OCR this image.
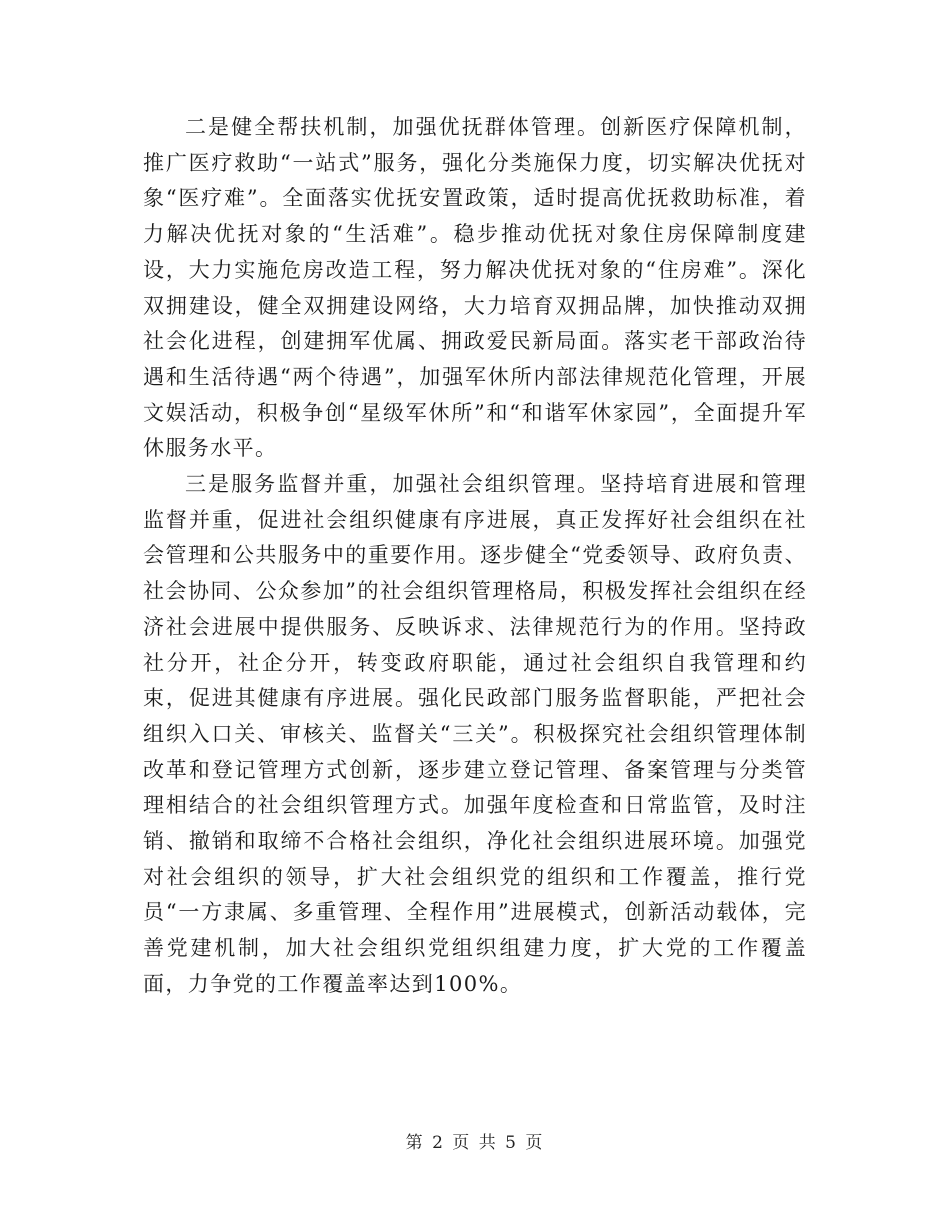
二是健全帮扶机制，加强优抚群体管理。创新医疗保障机制，推广医疗救助“一站式”服务，强化分类施保力度，切实解决优抚对象“医疗难”。全面落实优抚安置政策，适时提高优抚救助标准，着力解决优抚对象的“生活难”。稳步推动优抚对象住房保障制度建设，大力实施危房改造工程，努力解决优抚对象的“住房难”。深化双拥建设，健全双拥建设网络，大力培育双拥品牌，加快推动双拥社会化进程，创建拥军优属、拥政爱民新局面。落实老干部政治待遇和生活待遇“两个待遇”，加强军休所内部法律规范化管理，开展文娱活动，积极争创“星级军休所”和“和谐军休家园”，全面提升军休服务水平。

三是服务监督并重，加强社会组织管理。坚持培育进展和管理监督并重，促进社会组织健康有序进展，真正发挥好社会组织在社会管理和公共服务中的重要作用。逐步健全“党委领导、政府负责、社会协同、公众参加”的社会组织管理格局，积极发挥社会组织在经济社会进展中提供服务、反映诉求、法律规范行为的作用。坚持政社分开，社企分开，转变政府职能，通过社会组织自我管理和约束，促进其健康有序进展。强化民政部门服务监督职能，严把社会组织入口关、审核关、监督关“三关”。积极探究社会组织管理体制改革和登记管理方式创新，逐步建立登记管理、备案管理与分类管理相结合的社会组织管理方式。加强年度检查和日常监管，及时注销、撤销和取缔不合格社会组织，净化社会组织进展环境。加强党对社会组织的领导，扩大社会组织党的组织和工作覆盖，推行党员“一方隶属、多重管理、全程作用”进展模式，创新活动载体，完善党建机制，加大社会组织党组织组建力度，扩大党的工作覆盖面，力争党的工作覆盖率达到100%。

第 2 页 共 5 页
